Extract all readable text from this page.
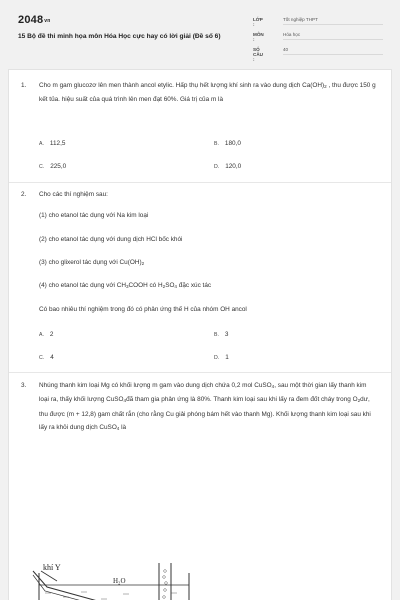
$2048_{vn}$
15 Bộ đề thi minh họa môn Hóa Học cực hay có lời giải (Đề số 6)
LỚP :
Tốt nghiệp THPT
MÔN :
Hóa học
SỐ CÂU :
40
1. Cho m gam glucozơ lên men thành ancol etylic. Hấp thụ hết lượng khí sinh ra vào dung dịch $Ca(OH)_2$ , thu được 150 g kết tủa. hiệu suất của quá trình lên men đạt 60%. Giá trị của m là
A. 112,5	B. 180,0
C. 225,0	D. 120,0
2. Cho các thí nghiệm sau:
(1) cho etanol tác dụng với Na kim loại
(2) cho etanol tác dụng với dung dịch HCl bốc khói
(3) cho glixerol tác dụng với $Cu(OH)_2$
(4) cho etanol tác dụng với $CH_3COOH$ có $H_2SO_4$ đặc xúc tác
Có bao nhiêu thí nghiệm trong đó có phản ứng thế H của nhóm OH ancol
A. 2	B. 3
C. 4	D. 1
3. Nhúng thanh kim loại Mg có khối lượng m gam vào dung dịch chứa 0,2 mol CuSO$_4$, sau một thời gian lấy thanh kim loại ra, thấy khối lượng CuSO$_4$đã tham gia phản ứng là 80%. Thanh kim loại sau khi lấy ra đem đốt cháy trong $O_2dư$, thu được (m + 12,8) gam chất rắn (cho rằng Cu giải phóng bám hết vào thanh Mg). Khối lượng thanh kim loại sau khi lấy ra khỏi dung dịch CuSO$_4$ là
khí Y
H₂O
